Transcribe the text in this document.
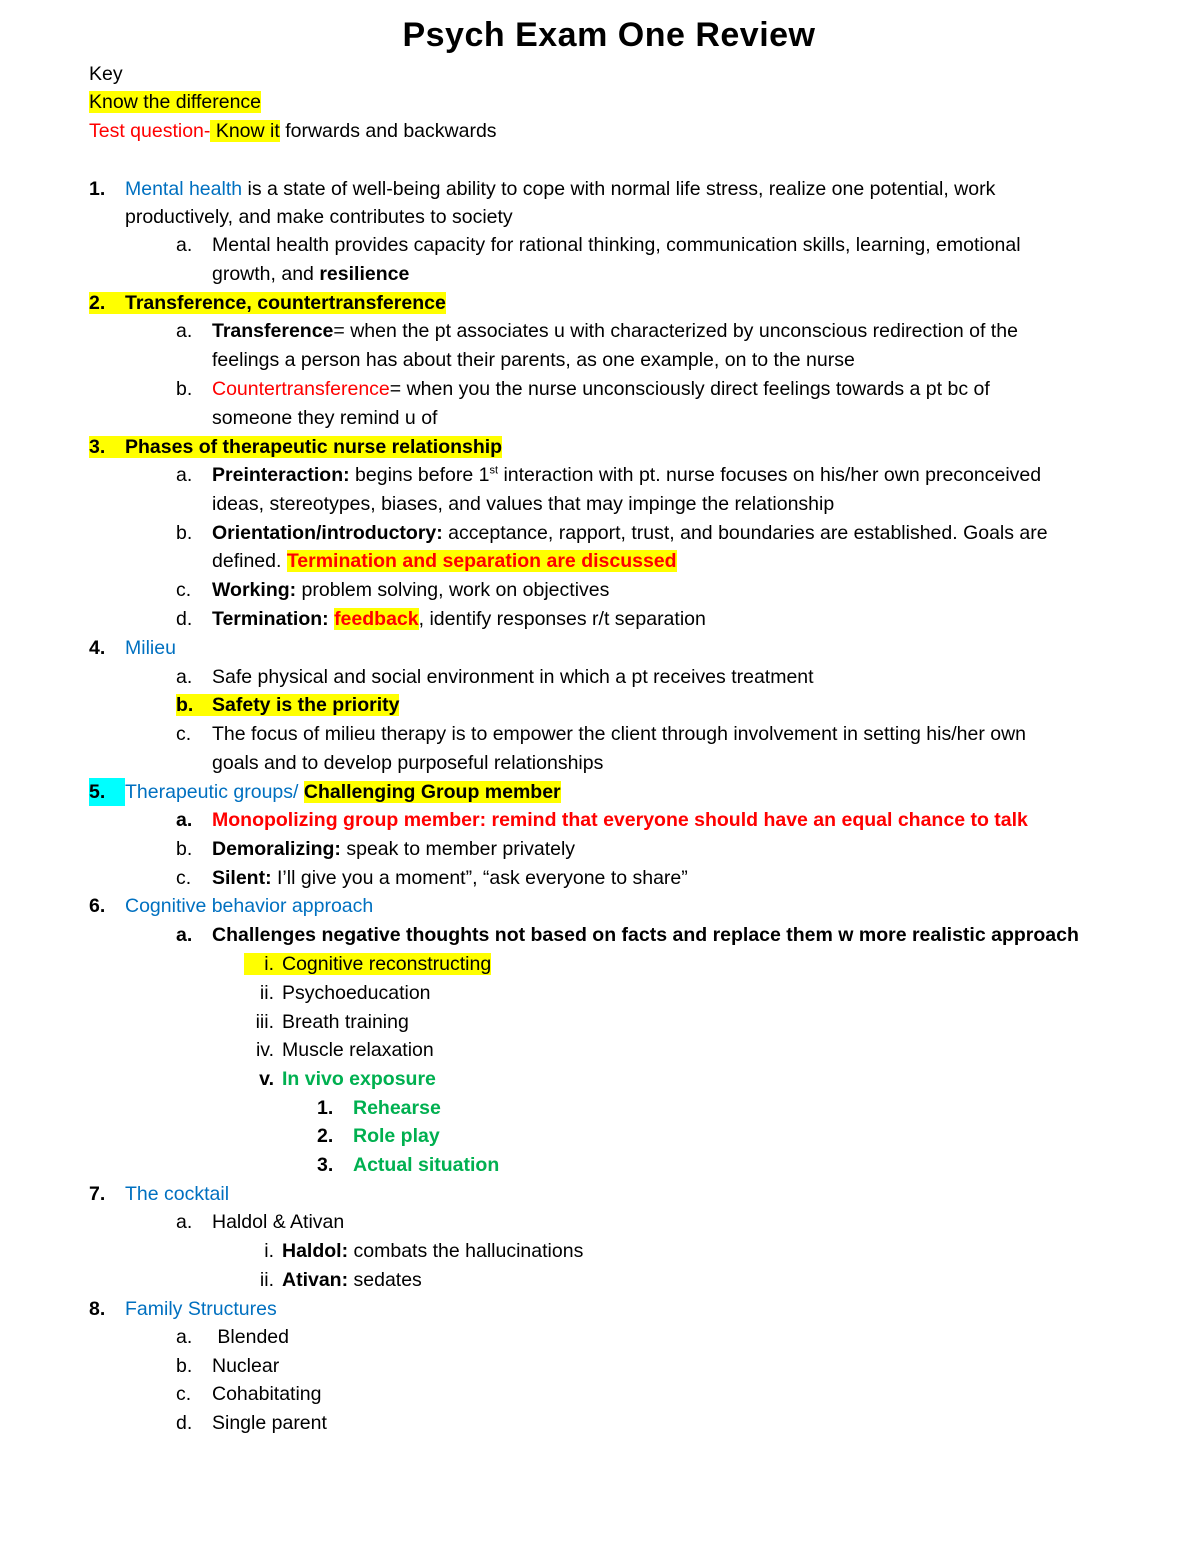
Psych Exam One Review
Key
Know the difference
Test question- Know it forwards and backwards
1. Mental health is a state of well-being ability to cope with normal life stress, realize one potential, work
productively, and make contributes to society
a. Mental health provides capacity for rational thinking, communication skills, learning, emotional
growth, and resilience
2. Transference, countertransference
a. Transference= when the pt associates u with characterized by unconscious redirection of the
feelings a person has about their parents, as one example, on to the nurse
b. Countertransference= when you the nurse unconsciously direct feelings towards a pt bc of
someone they remind u of
3. Phases of therapeutic nurse relationship
a. Preinteraction: begins before 1st interaction with pt. nurse focuses on his/her own preconceived
ideas, stereotypes, biases, and values that may impinge the relationship
b. Orientation/introductory: acceptance, rapport, trust, and boundaries are established. Goals are
defined. Termination and separation are discussed
c. Working: problem solving, work on objectives
d. Termination: feedback, identify responses r/t separation
4. Milieu
a. Safe physical and social environment in which a pt receives treatment
b. Safety is the priority
c. The focus of milieu therapy is to empower the client through involvement in setting his/her own
goals and to develop purposeful relationships
5. Therapeutic groups/ Challenging Group member
a. Monopolizing group member: remind that everyone should have an equal chance to talk
b. Demoralizing: speak to member privately
c. Silent: I’ll give you a moment”, “ask everyone to share”
6. Cognitive behavior approach
a. Challenges negative thoughts not based on facts and replace them w more realistic approach
i. Cognitive reconstructing
ii. Psychoeducation
iii. Breath training
iv. Muscle relaxation
v. In vivo exposure
1. Rehearse
2. Role play
3. Actual situation
7. The cocktail
a. Haldol & Ativan
i. Haldol: combats the hallucinations
ii. Ativan: sedates
8. Family Structures
a. Blended
b. Nuclear
c. Cohabitating
d. Single parent
